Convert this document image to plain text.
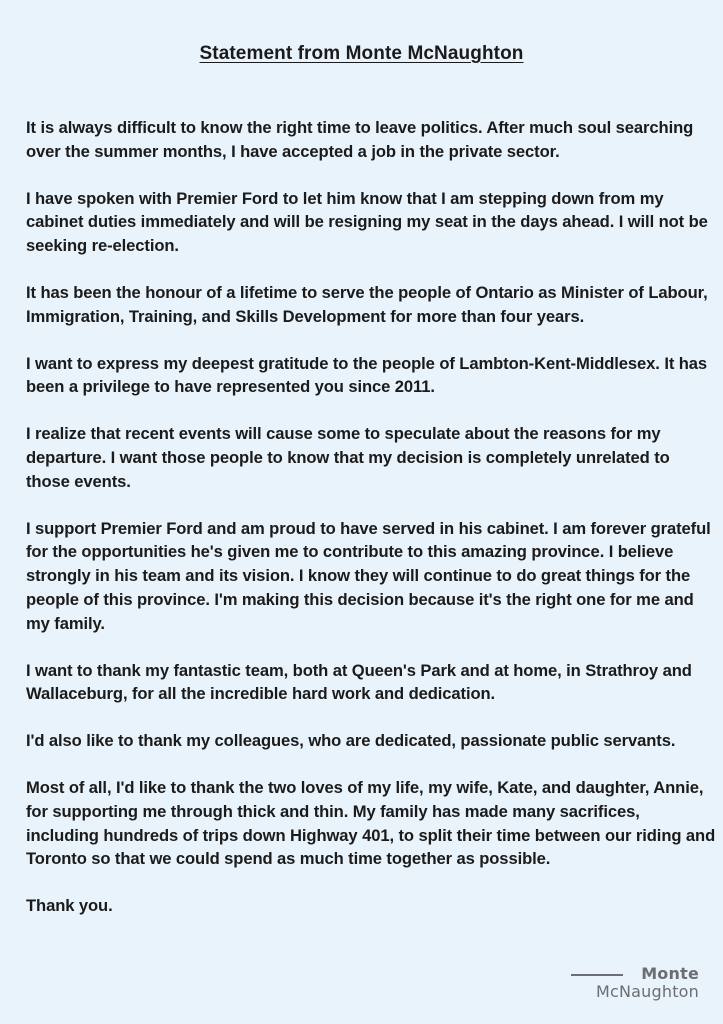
Statement from Monte McNaughton

It is always difficult to know the right time to leave politics. After much soul searching over the summer months, I have accepted a job in the private sector.

I have spoken with Premier Ford to let him know that I am stepping down from my cabinet duties immediately and will be resigning my seat in the days ahead. I will not be seeking re-election.

It has been the honour of a lifetime to serve the people of Ontario as Minister of Labour, Immigration, Training, and Skills Development for more than four years.

I want to express my deepest gratitude to the people of Lambton-Kent-Middlesex. It has been a privilege to have represented you since 2011.

I realize that recent events will cause some to speculate about the reasons for my departure. I want those people to know that my decision is completely unrelated to those events.

I support Premier Ford and am proud to have served in his cabinet. I am forever grateful for the opportunities he's given me to contribute to this amazing province. I believe strongly in his team and its vision. I know they will continue to do great things for the people of this province. I'm making this decision because it's the right one for me and my family.

I want to thank my fantastic team, both at Queen's Park and at home, in Strathroy and Wallaceburg, for all the incredible hard work and dedication.

I'd also like to thank my colleagues, who are dedicated, passionate public servants.

Most of all, I'd like to thank the two loves of my life, my wife, Kate, and daughter, Annie, for supporting me through thick and thin. My family has made many sacrifices, including hundreds of trips down Highway 401, to split their time between our riding and Toronto so that we could spend as much time together as possible.

Thank you.

Monte
McNaughton
